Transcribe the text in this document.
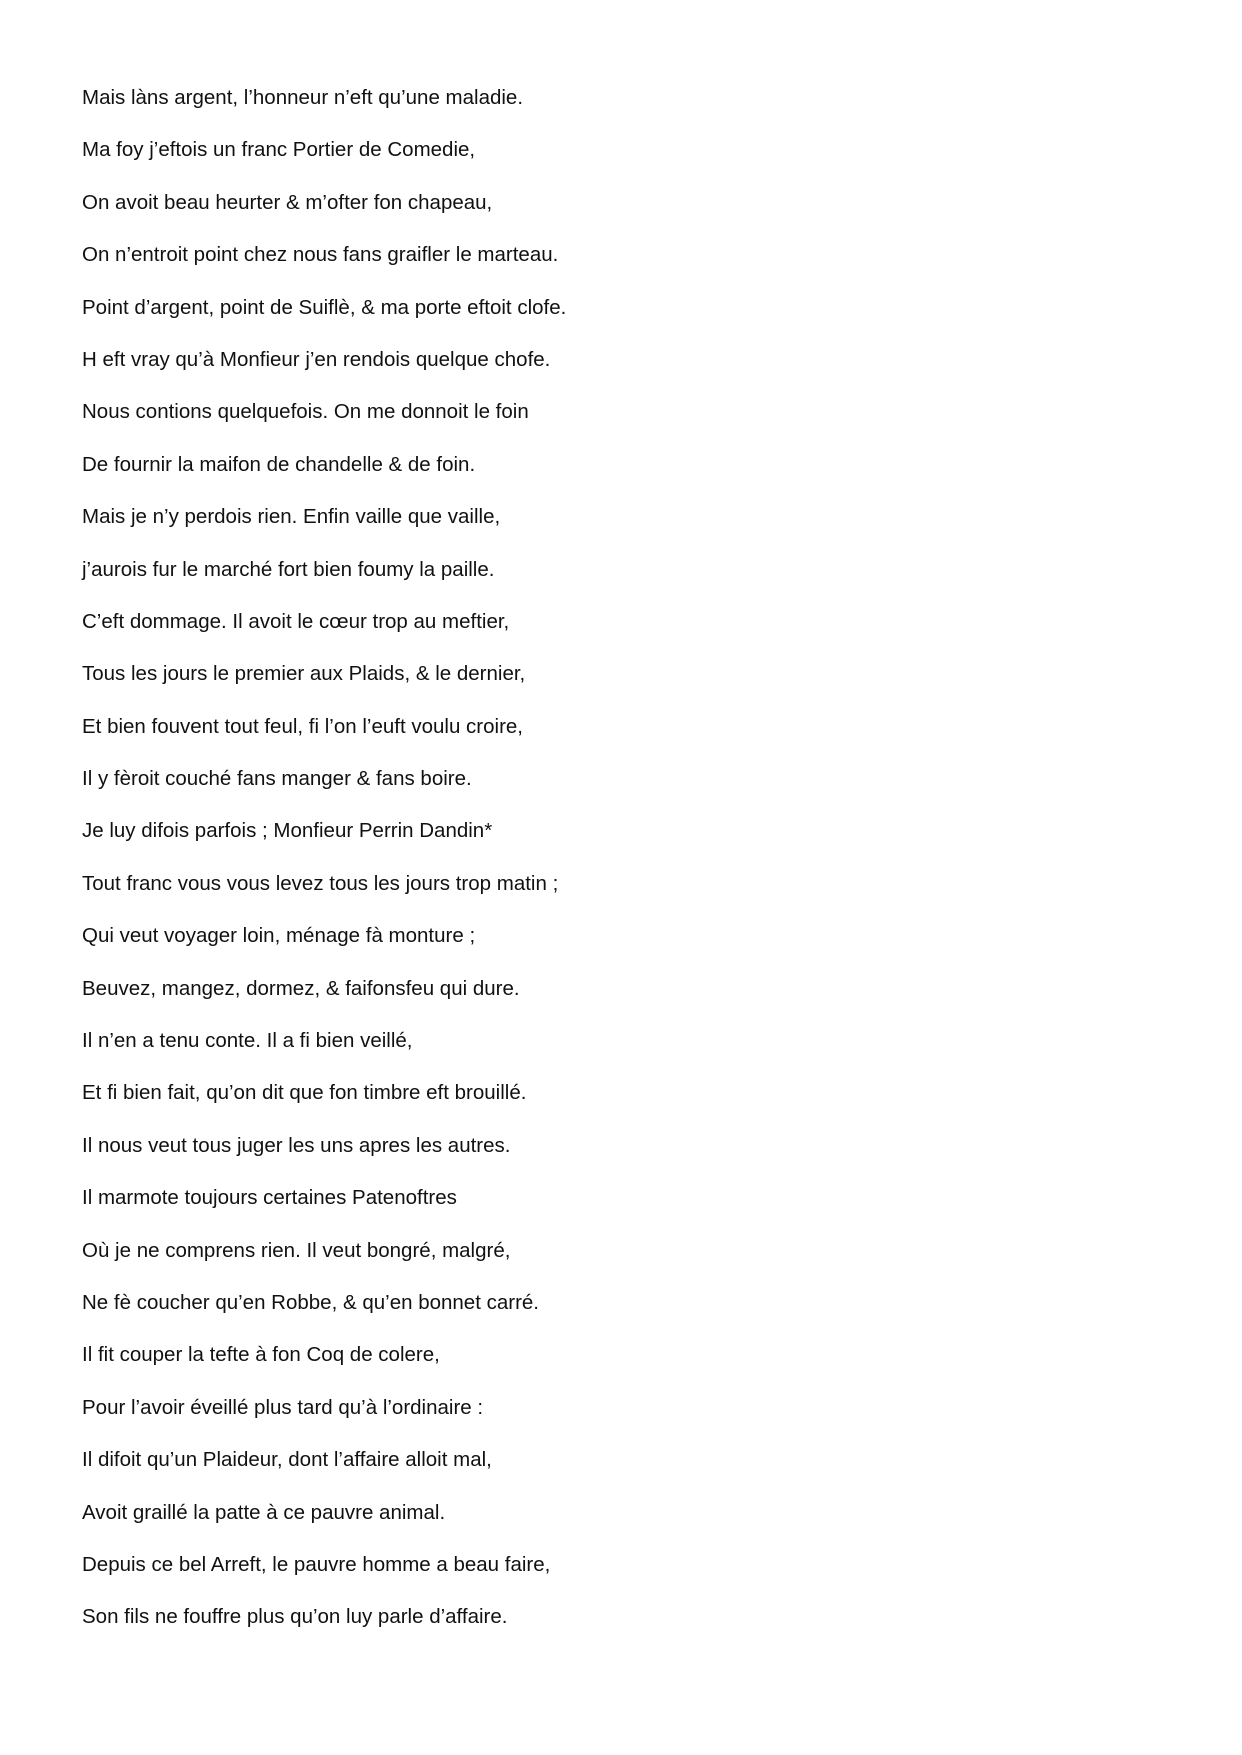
Mais làns argent, l’honneur n’eft qu’une maladie.
Ma foy j’eftois un franc Portier de Comedie,
On avoit beau heurter & m’ofter fon chapeau,
On n’entroit point chez nous fans graifler le marteau.
Point d’argent, point de Suiflè, & ma porte eftoit clofe.
H eft vray qu’à Monfieur j’en rendois quelque chofe.
Nous contions quelquefois. On me donnoit le foin
De fournir la maifon de chandelle & de foin.
Mais je n’y perdois rien. Enfin vaille que vaille,
j’aurois fur le marché fort bien foumy la paille.
C’eft dommage. Il avoit le cœur trop au meftier,
Tous les jours le premier aux Plaids, & le dernier,
Et bien fouvent tout feul, fi l’on l’euft voulu croire,
Il y fèroit couché fans manger & fans boire.
Je luy difois parfois ; Monfieur Perrin Dandin*
Tout franc vous vous levez tous les jours trop matin ;
Qui veut voyager loin, ménage fà monture ;
Beuvez, mangez, dormez, & faifonsfeu qui dure.
Il n’en a tenu conte. Il a fi bien veillé,
Et fi bien fait, qu’on dit que fon timbre eft brouillé.
Il nous veut tous juger les uns apres les autres.
Il marmote toujours certaines Patenoftres
Où je ne comprens rien. Il veut bongré, malgré,
Ne fè coucher qu’en Robbe, & qu’en bonnet carré.
Il fit couper la tefte à fon Coq de colere,
Pour l’avoir éveillé plus tard qu’à l’ordinaire :
Il difoit qu’un Plaideur, dont l’affaire alloit mal,
Avoit graillé la patte à ce pauvre animal.
Depuis ce bel Arreft, le pauvre homme a beau faire,
Son fils ne fouffre plus qu’on luy parle d’affaire.
